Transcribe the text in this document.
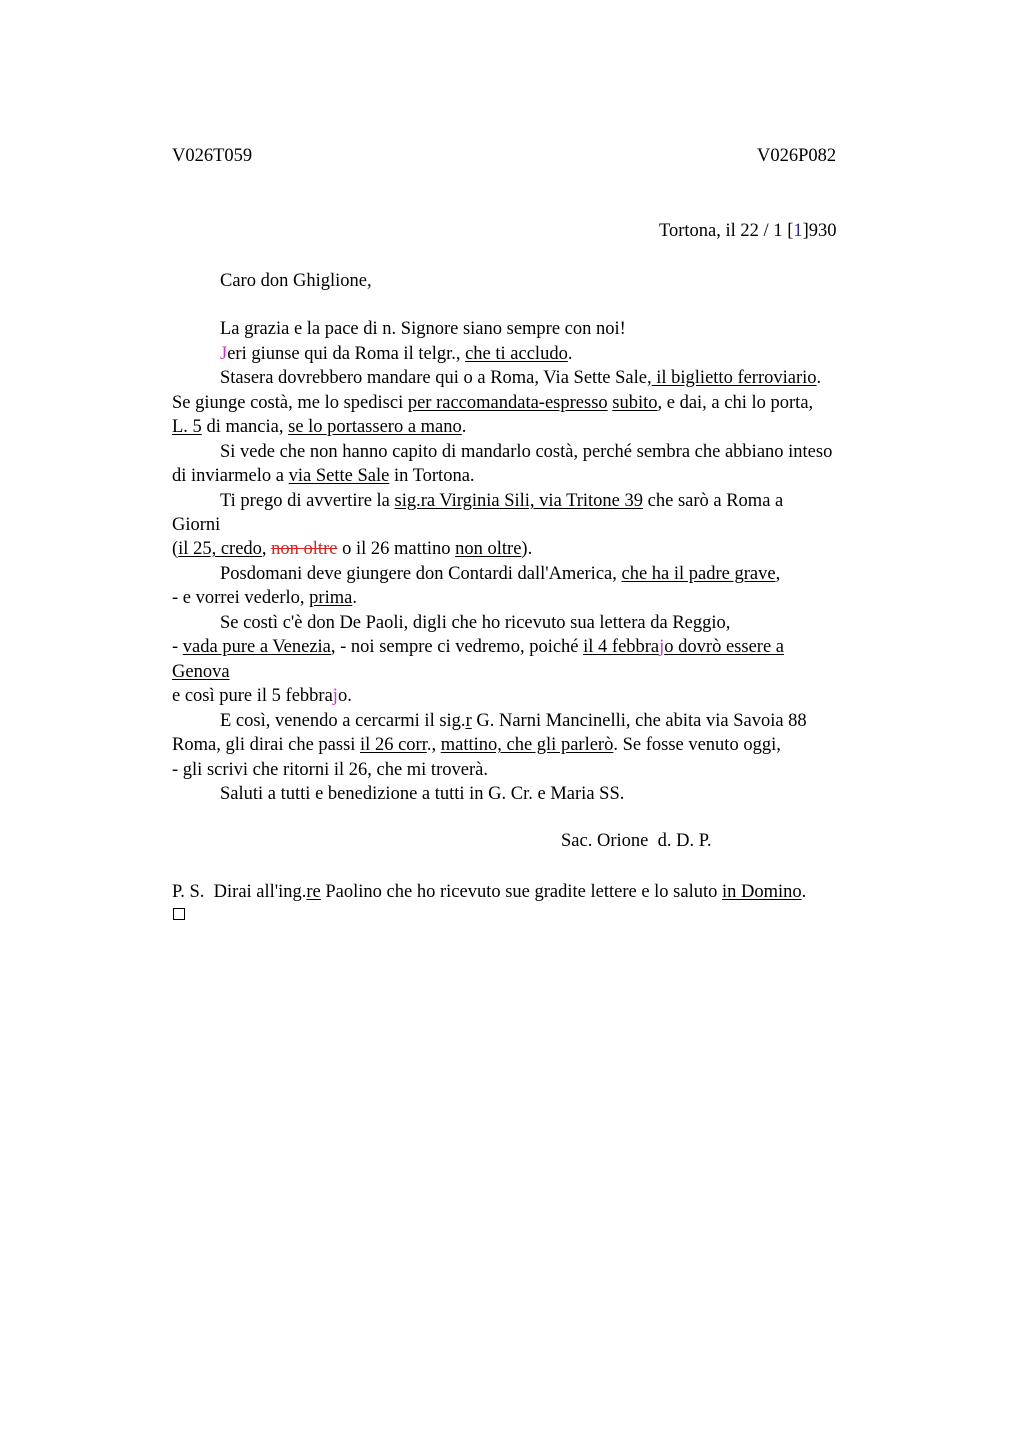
V026T059	V026P082
Tortona, il 22 / 1 [1]930
Caro don Ghiglione,
La grazia e la pace di n. Signore siano sempre con noi!
Jeri giunse qui da Roma il telgr., che ti accludo.
Stasera dovrebbero mandare qui o a Roma, Via Sette Sale, il biglietto ferroviario.
Se giunge costà, me lo spedisci per raccomandata-espresso subito, e dai, a chi lo porta,
L. 5 di mancia, se lo portassero a mano.
Si vede che non hanno capito di mandarlo costà, perché sembra che abbiano inteso
di inviarmelo a via Sette Sale in Tortona.
Ti prego di avvertire la sig.ra Virginia Sili, via Tritone 39 che sarò a Roma a
Giorni
(il 25, credo, non oltre o il 26 mattino non oltre).
Posdomani deve giungere don Contardi dall'America, che ha il padre grave,
- e vorrei vederlo, prima.
Se costì c'è don De Paoli, digli che ho ricevuto sua lettera da Reggio,
- vada pure a Venezia, - noi sempre ci vedremo, poiché il 4 febbrajo dovrò essere a
Genova
e così pure il 5 febbrajo.
E così, venendo a cercarmi il sig.r G. Narni Mancinelli, che abita via Savoia 88
Roma, gli dirai che passi il 26 corr., mattino, che gli parlerò. Se fosse venuto oggi,
- gli scrivi che ritorni il 26, che mi troverà.
Saluti a tutti e benedizione a tutti in G. Cr. e Maria SS.
Sac. Orione  d. D. P.
P. S.  Dirai all'ing.re Paolino che ho ricevuto sue gradite lettere e lo saluto in Domino.
